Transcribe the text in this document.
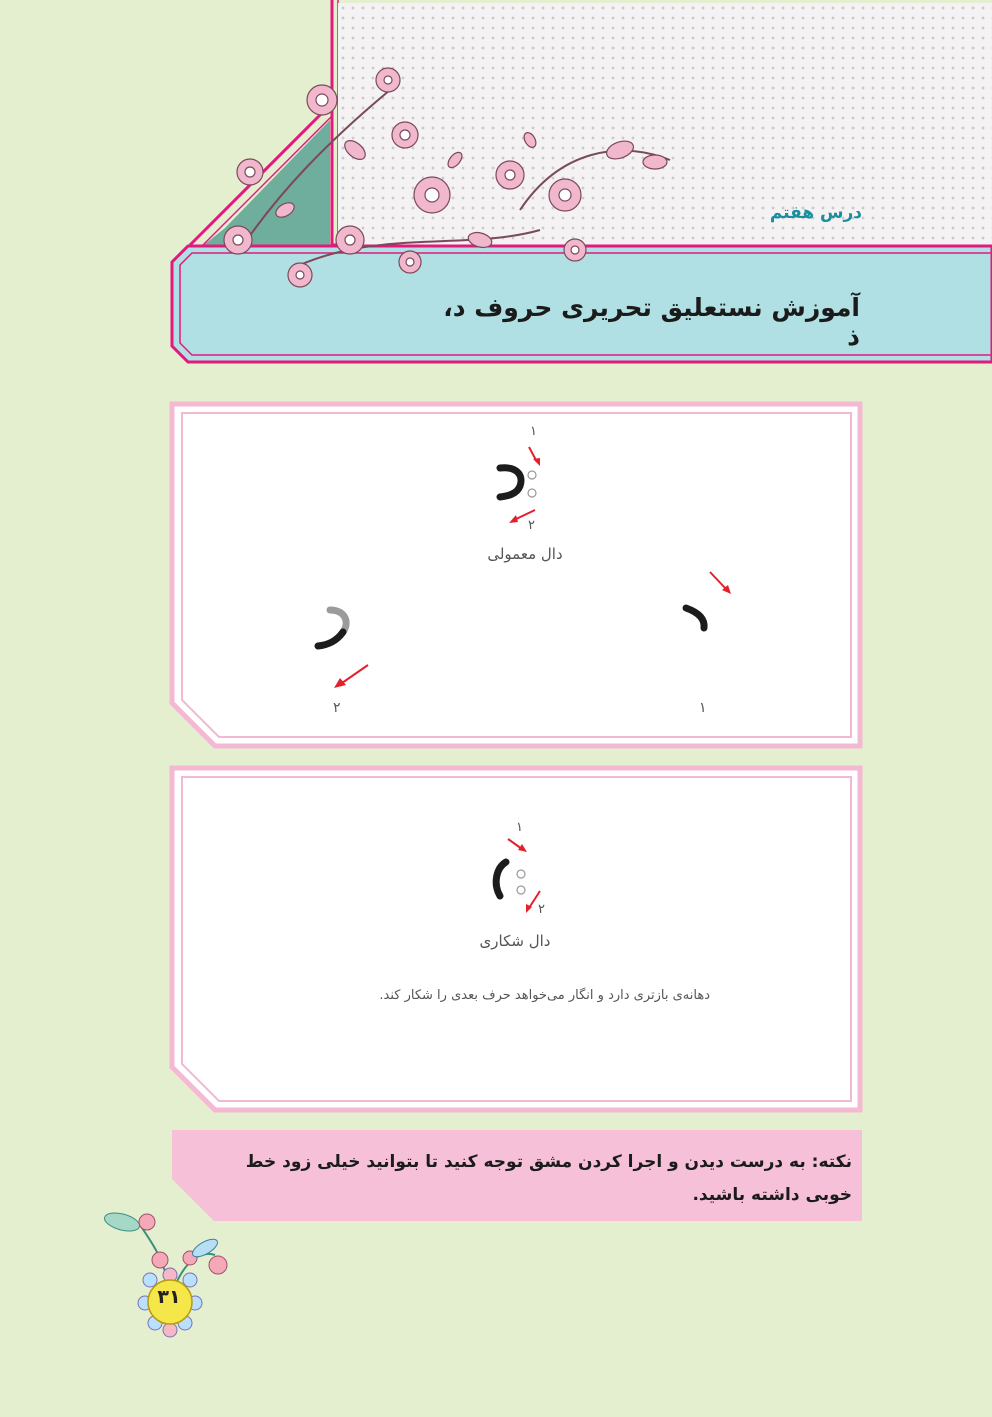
درس هفتم
آموزش نستعلیق تحریری حروف د، ذ
۱
۲
دال معمولی
۱
۲
۱
۲
دال شکاری
دهانه‌ی بازتری دارد و انگار می‌خواهد حرف بعدی را شکار کند.
نکته: به درست دیدن و اجرا کردن مشق توجه کنید تا بتوانید خیلی زود خط خوبی داشته باشید.
۳۱
